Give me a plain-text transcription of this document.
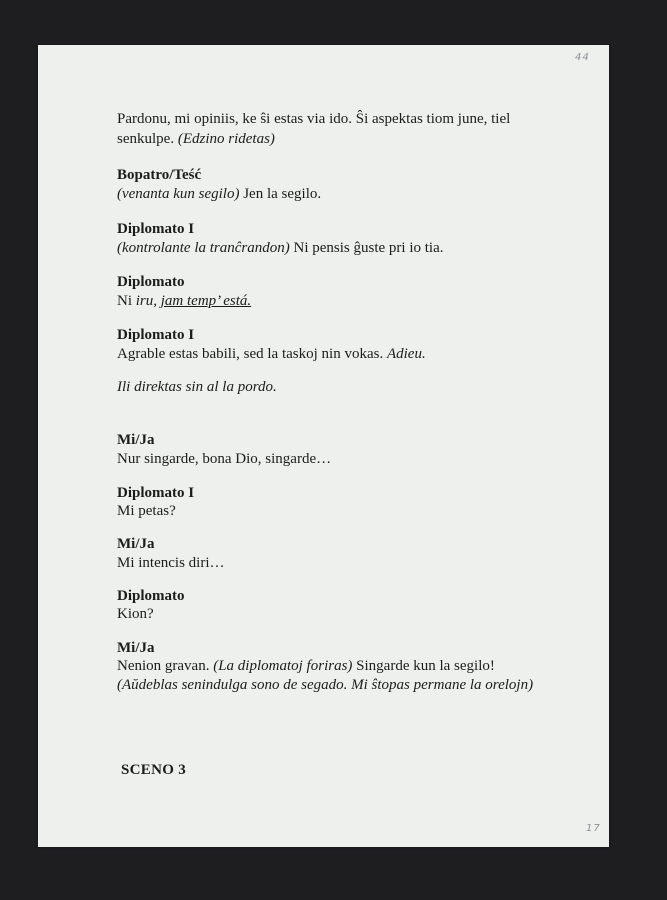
44
Pardonu, mi opiniis, ke ŝi estas via ido. Ŝi aspektas tiom june, tiel
senkulpe. (Edzino ridetas)
Bopatro/Teść
(venanta kun segilo) Jen la segilo.
Diplomato I
(kontrolante la tranĉrandon) Ni pensis ĝuste pri io tia.
Diplomato
Ni iru, jam temp’ está.
Diplomato I
Agrable estas babili, sed la taskoj nin vokas. Adieu.
Ili direktas sin al la pordo.
Mi/Ja
Nur singarde, bona Dio, singarde…
Diplomato I
Mi petas?
Mi/Ja
Mi intencis diri…
Diplomato
Kion?
Mi/Ja
Nenion gravan. (La diplomatoj foriras) Singarde kun la segilo!
(Aŭdeblas senindulga sono de segado. Mi ŝtopas permane la orelojn)
SCENO 3
17
